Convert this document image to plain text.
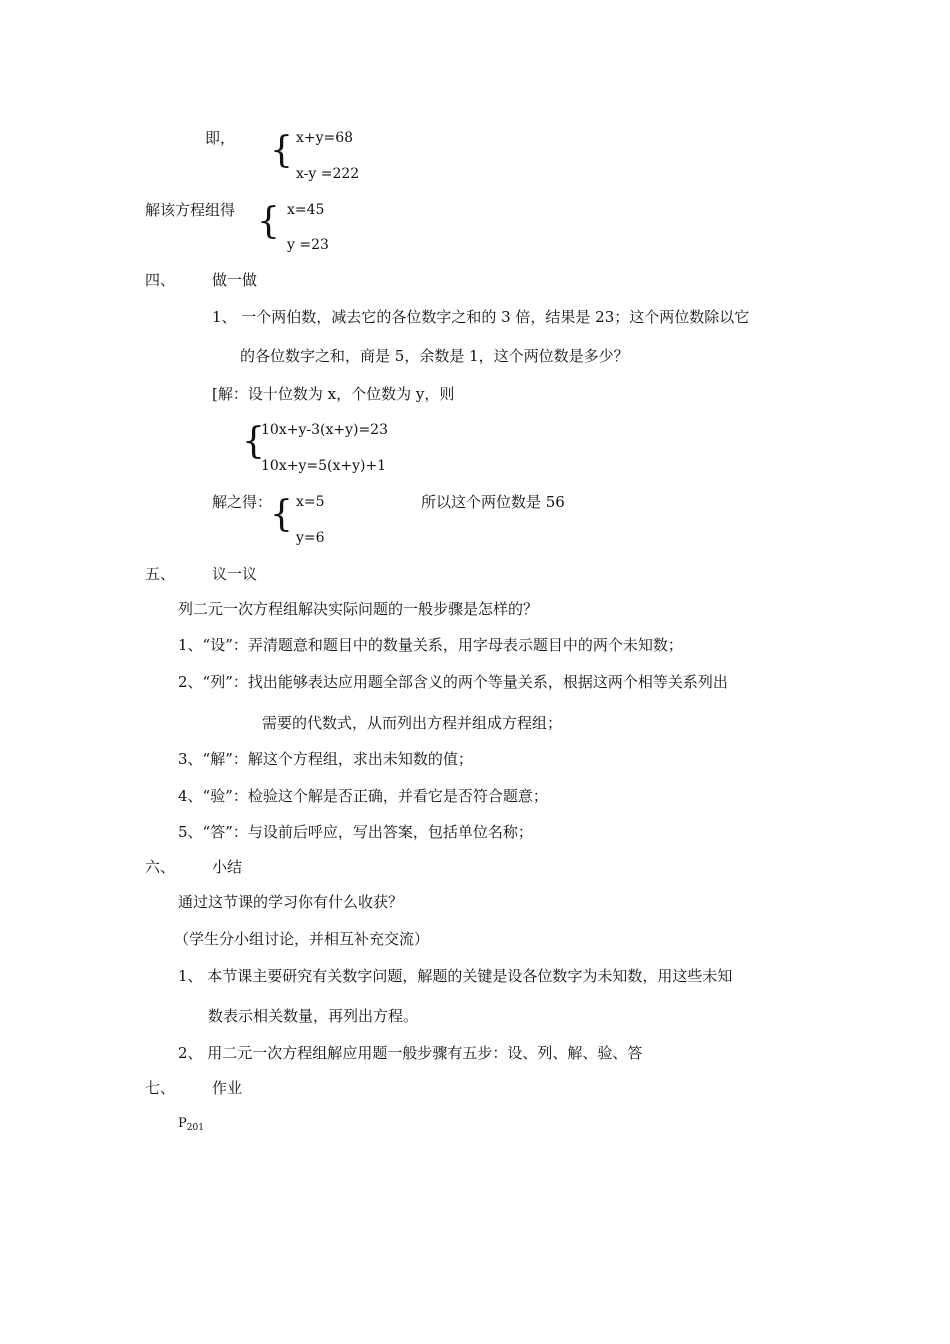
即， { x+y=68
x-y =222
解该方程组得 { x=45
y =23
四、 做一做
1、 一个两伯数，减去它的各位数字之和的 3 倍，结果是 23；这个两位数除以它
的各位数字之和，商是 5，余数是 1，这个两位数是多少？
[解：设十位数为 x，个位数为 y，则
{
10x+y-3(x+y)=23
10x+y=5(x+y)+1
解之得：
{ x=5
y=6
所以这个两位数是 56
五、 议一议
列二元一次方程组解决实际问题的一般步骤是怎样的？
1、“设”：弄清题意和题目中的数量关系，用字母表示题目中的两个未知数；
2、“列”：找出能够表达应用题全部含义的两个等量关系，根据这两个相等关系列出
需要的代数式，从而列出方程并组成方程组；
3、“解”：解这个方程组，求出未知数的值；
4、“验”：检验这个解是否正确，并看它是否符合题意；
5、“答”：与设前后呼应，写出答案，包括单位名称；
六、 小结
通过这节课的学习你有什么收获？
（学生分小组讨论，并相互补充交流）
1、 本节课主要研究有关数字问题，解题的关键是设各位数字为未知数，用这些未知
数表示相关数量，再列出方程。
2、 用二元一次方程组解应用题一般步骤有五步：设、列、解、验、答
七、 作业
$P_{201}$
